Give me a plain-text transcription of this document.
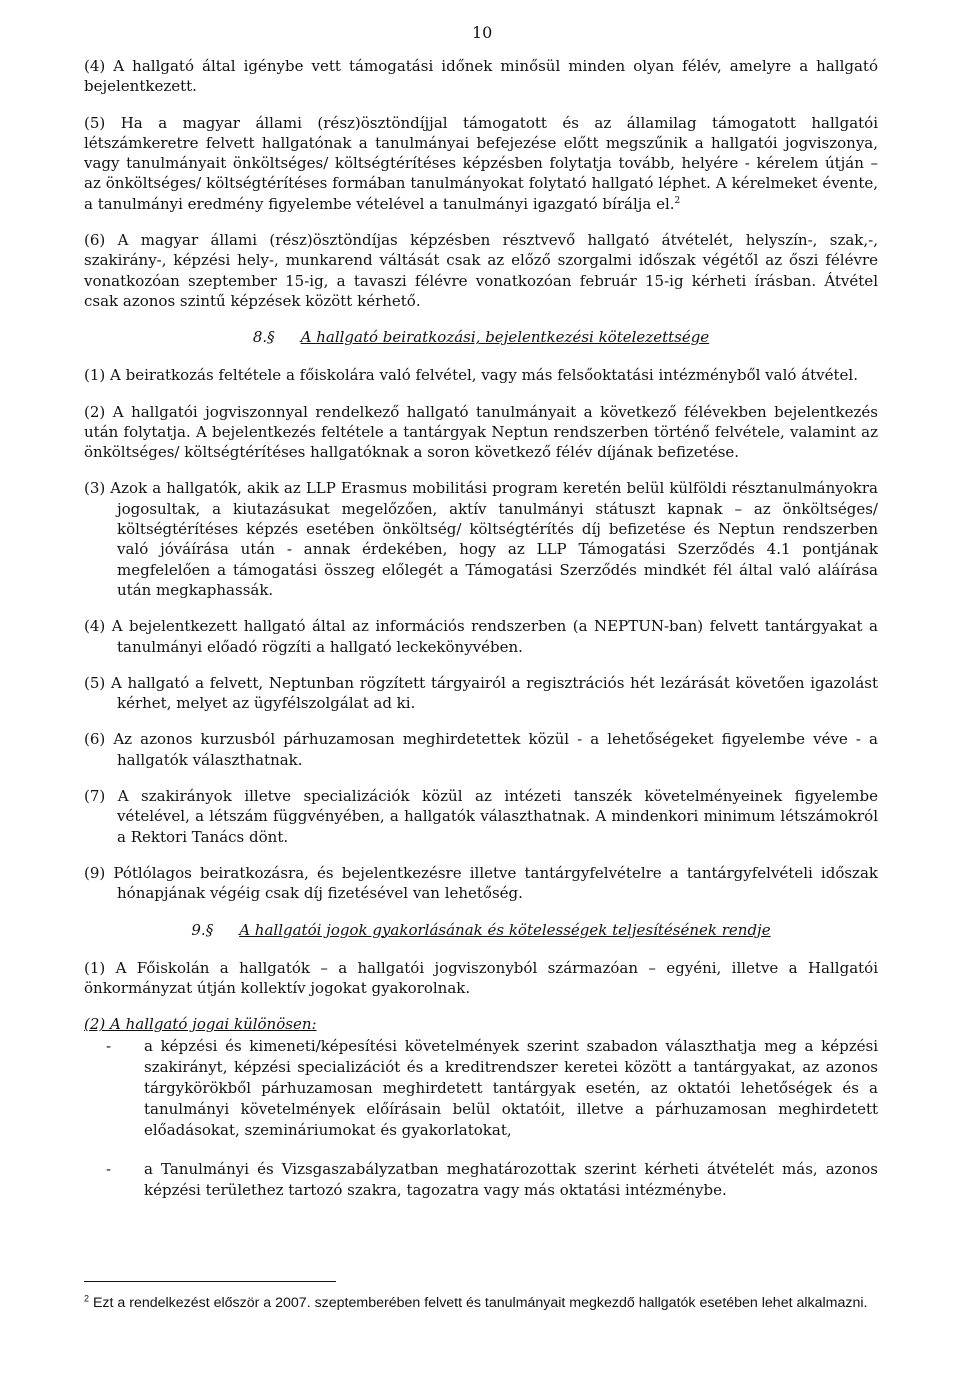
10

(4) A hallgató által igénybe vett támogatási időnek minősül minden olyan félév, amelyre a hallgató bejelentkezett.

(5) Ha a magyar állami (rész)ösztöndíjjal támogatott és az államilag támogatott hallgatói létszámkeretre felvett hallgatónak a tanulmányai befejezése előtt megszűnik a hallgatói jogviszonya, vagy tanulmányait önköltséges/ költségtérítéses képzésben folytatja tovább, helyére - kérelem útján – az önköltséges/ költségtérítéses formában tanulmányokat folytató hallgató léphet. A kérelmeket évente, a tanulmányi eredmény figyelembe vételével a tanulmányi igazgató bírálja el.$^2$

(6) A magyar állami (rész)ösztöndíjas képzésben résztvevő hallgató átvételét, helyszín-, szak,-, szakirány-, képzési hely-, munkarend váltását csak az előző szorgalmi időszak végétől az őszi félévre vonatkozóan szeptember 15-ig, a tavaszi félévre vonatkozóan február 15-ig kérheti írásban. Átvétel csak azonos szintű képzések között kérhető.

8.§ A hallgató beiratkozási, bejelentkezési kötelezettsége

(1) A beiratkozás feltétele a főiskolára való felvétel, vagy más felsőoktatási intézményből való átvétel.

(2) A hallgatói jogviszonnyal rendelkező hallgató tanulmányait a következő félévekben bejelentkezés után folytatja. A bejelentkezés feltétele a tantárgyak Neptun rendszerben történő felvétele, valamint az önköltséges/ költségtérítéses hallgatóknak a soron következő félév díjának befizetése.

(3) Azok a hallgatók, akik az LLP Erasmus mobilitási program keretén belül külföldi résztanulmányokra jogosultak, a kiutazásukat megelőzően, aktív tanulmányi státuszt kapnak – az önköltséges/ költségtérítéses képzés esetében önköltség/ költségtérítés díj befizetése és Neptun rendszerben való jóváírása után - annak érdekében, hogy az LLP Támogatási Szerződés 4.1 pontjának megfelelően a támogatási összeg előlegét a Támogatási Szerződés mindkét fél által való aláírása után megkaphassák.

(4) A bejelentkezett hallgató által az információs rendszerben (a NEPTUN-ban) felvett tantárgyakat a tanulmányi előadó rögzíti a hallgató leckekönyvében.

(5) A hallgató a felvett, Neptunban rögzített tárgyairól a regisztrációs hét lezárását követően igazolást kérhet, melyet az ügyfélszolgálat ad ki.

(6) Az azonos kurzusból párhuzamosan meghirdetettek közül - a lehetőségeket figyelembe véve - a hallgatók választhatnak.

(7) A szakirányok illetve specializációk közül az intézeti tanszék követelményeinek figyelembe vételével, a létszám függvényében, a hallgatók választhatnak. A mindenkori minimum létszámokról a Rektori Tanács dönt.

(9) Pótlólagos beiratkozásra, és bejelentkezésre illetve tantárgyfelvételre a tantárgyfelvételi időszak hónapjának végéig csak díj fizetésével van lehetőség.

9.§ A hallgatói jogok gyakorlásának és kötelességek teljesítésének rendje

(1) A Főiskolán a hallgatók – a hallgatói jogviszonyból származóan – egyéni, illetve a Hallgatói önkormányzat útján kollektív jogokat gyakorolnak.

(2) A hallgató jogai különösen:

-	a képzési és kimeneti/képesítési követelmények szerint szabadon választhatja meg a képzési szakirányt, képzési specializációt és a kreditrendszer keretei között a tantárgyakat, az azonos tárgykörökből párhuzamosan meghirdetett tantárgyak esetén, az oktatói lehetőségek és a tanulmányi követelmények előírásain belül oktatóit, illetve a párhuzamosan meghirdetett előadásokat, szemináriumokat és gyakorlatokat,
-	a Tanulmányi és Vizsgaszabályzatban meghatározottak szerint kérheti átvételét más, azonos képzési területhez tartozó szakra, tagozatra vagy más oktatási intézménybe.
$^2$ Ezt a rendelkezést először a 2007. szeptemberében felvett és tanulmányait megkezdő hallgatók esetében lehet alkalmazni.
